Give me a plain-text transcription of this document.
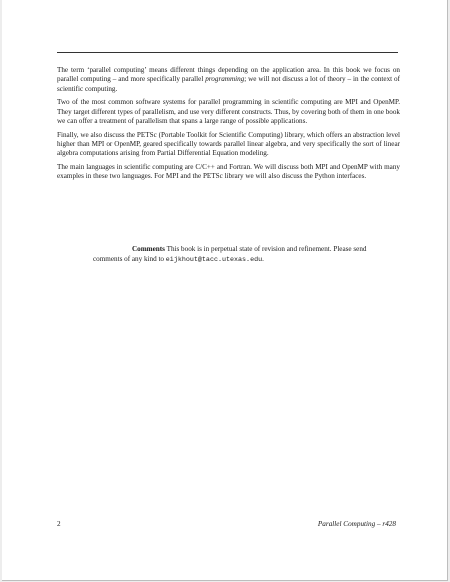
The term ‘parallel computing’ means different things depending on the application area. In this book we focus on parallel computing – and more specifically parallel programming; we will not discuss a lot of theory – in the context of scientific computing.

Two of the most common software systems for parallel programming in scientific computing are MPI and OpenMP. They target different types of parallelism, and use very different constructs. Thus, by covering both of them in one book we can offer a treatment of parallelism that spans a large range of possible applications.

Finally, we also discuss the PETSc (Portable Toolkit for Scientific Computing) library, which offers an abstraction level higher than MPI or OpenMP, geared specifically towards parallel linear algebra, and very specifically the sort of linear algebra computations arising from Partial Differential Equation modeling.

The main languages in scientific computing are C/C++ and Fortran. We will discuss both MPI and OpenMP with many examples in these two languages. For MPI and the PETSc library we will also discuss the Python interfaces.

Comments This book is in perpetual state of revision and refinement. Please send comments of any kind to eijkhout@tacc.utexas.edu.
2	Parallel Computing – r428
